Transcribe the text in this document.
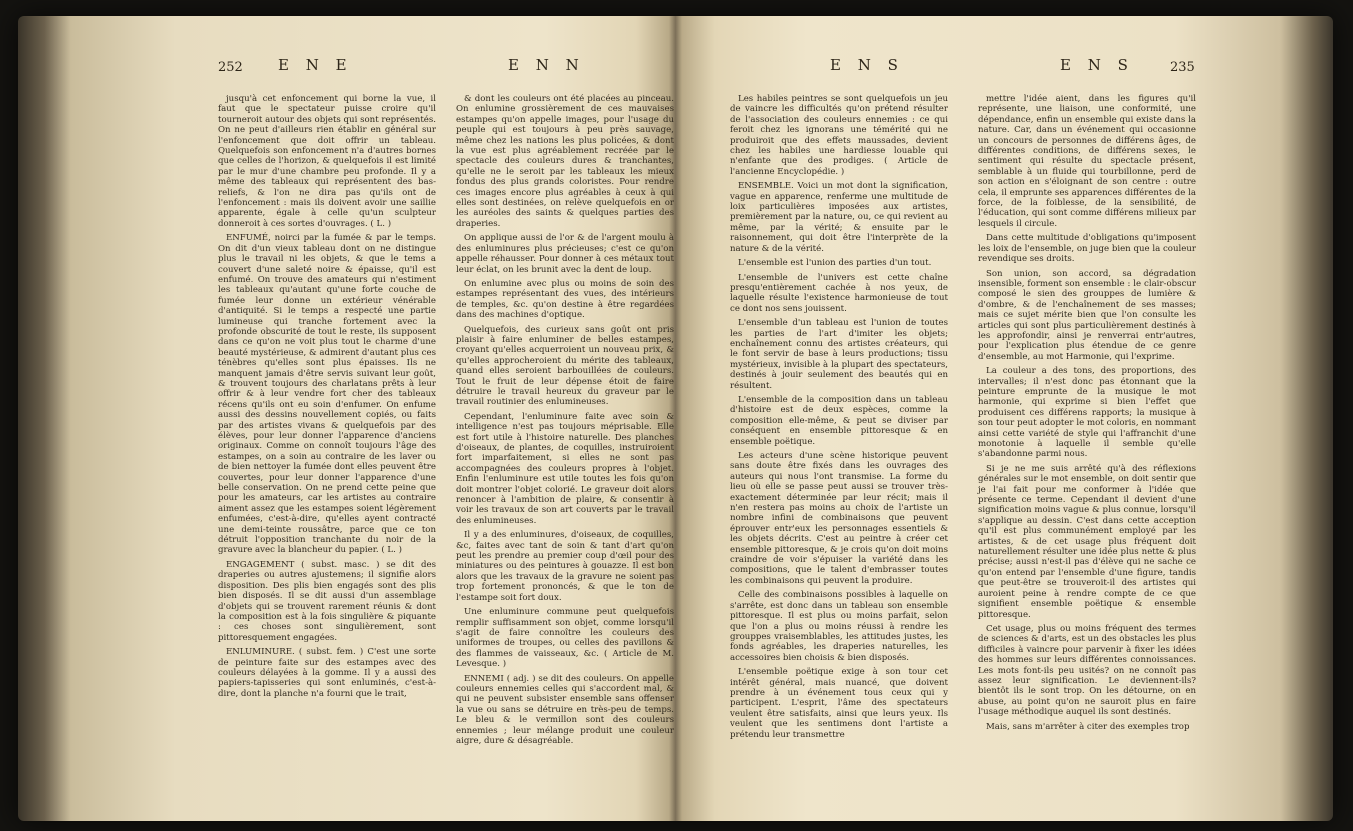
252 E N E	E N N

jusqu'à cet enfoncement qui borne la vue, il faut que le spectateur puisse croire qu'il tourneroit autour des objets qui sont représentés. On ne peut d'ailleurs rien établir en général sur l'enfoncement que doit offrir un tableau. Quelquefois son enfoncement n'a d'autres bornes que celles de l'horizon, & quelquefois il est limité par le mur d'une chambre peu profonde. Il y a même des tableaux qui représentent des bas-reliefs, & l'on ne dira pas qu'ils ont de l'enfoncement : mais ils doivent avoir une saillie apparente, égale à celle qu'un sculpteur donneroit à ces sortes d'ouvrages. ( L. )

ENFUMÉ, noirci par la fumée & par le temps. On dit d'un vieux tableau dont on ne distingue plus le travail ni les objets, & que le tems a couvert d'une saleté noire & épaisse, qu'il est enfumé. On trouve des amateurs qui n'estiment les tableaux qu'autant qu'une forte couche de fumée leur donne un extérieur vénérable d'antiquité. Si le temps a respecté une partie lumineuse qui tranche fortement avec la profonde obscurité de tout le reste, ils supposent dans ce qu'on ne voit plus tout le charme d'une beauté mystérieuse, & admirent d'autant plus ces ténèbres qu'elles sont plus épaisses. Ils ne manquent jamais d'être servis suivant leur goût, & trouvent toujours des charlatans prêts à leur offrir & à leur vendre fort cher des tableaux récens qu'ils ont eu soin d'enfumer. On enfume aussi des dessins nouvellement copiés, ou faits par des artistes vivans & quelquefois par des élèves, pour leur donner l'apparence d'anciens originaux. Comme on connoît toujours l'âge des estampes, on a soin au contraire de les laver ou de bien nettoyer la fumée dont elles peuvent être couvertes, pour leur donner l'apparence d'une belle conservation. On ne prend cette peine que pour les amateurs, car les artistes au contraire aiment assez que les estampes soient légèrement enfumées, c'est-à-dire, qu'elles ayent contracté une demi-teinte roussâtre, parce que ce ton détruit l'opposition tranchante du noir de la gravure avec la blancheur du papier. ( L. )

ENGAGEMENT ( subst. masc. ) se dit des draperies ou autres ajustemens; il signifie alors disposition. Des plis bien engagés sont des plis bien disposés. Il se dit aussi d'un assemblage d'objets qui se trouvent rarement réunis & dont la composition est à la fois singulière & piquante : ces choses sont singulièrement, sont pittoresquement engagées.

ENLUMINURE. ( subst. fem. ) C'est une sorte de peinture faite sur des estampes avec des couleurs délayées à la gomme. Il y a aussi des papiers-tapisseries qui sont enluminés, c'est-à-dire, dont la planche n'a fourni que le trait,

& dont les couleurs ont été placées au pinceau. On enlumine grossièrement de ces mauvaises estampes qu'on appelle images, pour l'usage du peuple qui est toujours à peu près sauvage, même chez les nations les plus policées, & dont la vue est plus agréablement recréée par le spectacle des couleurs dures & tranchantes, qu'elle ne le seroit par les tableaux les mieux fondus des plus grands coloristes. Pour rendre ces images encore plus agréables à ceux à qui elles sont destinées, on relève quelquefois en or les auréoles des saints & quelques parties des draperies.

On applique aussi de l'or & de l'argent moulu à des enluminures plus précieuses; c'est ce qu'on appelle réhausser. Pour donner à ces métaux tout leur éclat, on les brunit avec la dent de loup.

On enlumine avec plus ou moins de soin des estampes représentant des vues, des intérieurs de temples, &c. qu'on destine à être regardées dans des machines d'optique.

Quelquefois, des curieux sans goût ont pris plaisir à faire enluminer de belles estampes, croyant qu'elles acquerroient un nouveau prix, & qu'elles approcheroient du mérite des tableaux, quand elles seroient barbouillées de couleurs. Tout le fruit de leur dépense étoit de faire détruire le travail heureux du graveur par le travail routinier des enlumineuses.

Cependant, l'enluminure faite avec soin & intelligence n'est pas toujours méprisable. Elle est fort utile à l'histoire naturelle. Des planches d'oiseaux, de plantes, de coquilles, instruiroient fort imparfaitement, si elles ne sont pas accompagnées des couleurs propres à l'objet. Enfin l'enluminure est utile toutes les fois qu'on doit montrer l'objet colorié. Le graveur doit alors renoncer à l'ambition de plaire, & consentir à voir les travaux de son art couverts par le travail des enlumineuses.

Il y a des enluminures, d'oiseaux, de coquilles, &c, faites avec tant de soin & tant d'art qu'on peut les prendre au premier coup d'œil pour des miniatures ou des peintures à gouazze. Il est bon alors que les travaux de la gravure ne soient pas trop fortement prononcés, & que le ton de l'estampe soit fort doux.

Une enluminure commune peut quelquefois remplir suffisamment son objet, comme lorsqu'il s'agit de faire connoître les couleurs des uniformes de troupes, ou celles des pavillons & des flammes de vaisseaux, &c. ( Article de M. Levesque. )

ENNEMI ( adj. ) se dit des couleurs. On appelle couleurs ennemies celles qui s'accordent mal, & qui ne peuvent subsister ensemble sans offenser la vue ou sans se détruire en très-peu de temps. Le bleu & le vermillon sont des couleurs ennemies ; leur mélange produit une couleur aigre, dure & désagréable.

E N S	E N S	235

Les habiles peintres se sont quelquefois un jeu de vaincre les difficultés qu'on prétend résulter de l'association des couleurs ennemies : ce qui feroit chez les ignorans une témérité qui ne produiroit que des effets maussades, devient chez les habiles une hardiesse louable qui n'enfante que des prodiges. ( Article de l'ancienne Encyclopédie. )

ENSEMBLE. Voici un mot dont la signification, vague en apparence, renferme une multitude de loix particulières imposées aux artistes, premièrement par la nature, ou, ce qui revient au même, par la vérité; & ensuite par le raisonnement, qui doit être l'interprète de la nature & de la vérité.

L'ensemble est l'union des parties d'un tout.

L'ensemble de l'univers est cette chaîne presqu'entièrement cachée à nos yeux, de laquelle résulte l'existence harmonieuse de tout ce dont nos sens jouissent.

L'ensemble d'un tableau est l'union de toutes les parties de l'art d'imiter les objets; enchaînement connu des artistes créateurs, qui le font servir de base à leurs productions; tissu mystérieux, invisible à la plupart des spectateurs, destinés à jouir seulement des beautés qui en résultent.

L'ensemble de la composition dans un tableau d'histoire est de deux espèces, comme la composition elle-même, & peut se diviser par conséquent en ensemble pittoresque & en ensemble poëtique.

Les acteurs d'une scène historique peuvent sans doute être fixés dans les ouvrages des auteurs qui nous l'ont transmise. La forme du lieu où elle se passe peut aussi se trouver très-exactement déterminée par leur récit; mais il n'en restera pas moins au choix de l'artiste un nombre infini de combinaisons que peuvent éprouver entr'eux les personnages essentiels & les objets décrits. C'est au peintre à créer cet ensemble pittoresque, & je crois qu'on doit moins craindre de voir s'épuiser la variété dans les compositions, que le talent d'embrasser toutes les combinaisons qui peuvent la produire.

Celle des combinaisons possibles à laquelle on s'arrête, est donc dans un tableau son ensemble pittoresque. Il est plus ou moins parfait, selon que l'on a plus ou moins réussi à rendre les grouppes vraisemblables, les attitudes justes, les fonds agréables, les draperies naturelles, les accessoires bien choisis & bien disposés.

L'ensemble poëtique exige à son tour cet intérêt général, mais nuancé, que doivent prendre à un événement tous ceux qui y participent. L'esprit, l'âme des spectateurs veulent être satisfaits, ainsi que leurs yeux. Ils veulent que les sentimens dont l'artiste a prétendu leur transmettre

mettre l'idée aient, dans les figures qu'il représente, une liaison, une conformité, une dépendance, enfin un ensemble qui existe dans la nature. Car, dans un événement qui occasionne un concours de personnes de différens âges, de différentes conditions, de différens sexes, le sentiment qui résulte du spectacle présent, semblable à un fluide qui tourbillonne, perd de son action en s'éloignant de son centre : outre cela, il emprunte ses apparences différentes de la force, de la foiblesse, de la sensibilité, de l'éducation, qui sont comme différens milieux par lesquels il circule.

Dans cette multitude d'obligations qu'imposent les loix de l'ensemble, on juge bien que la couleur revendique ses droits.

Son union, son accord, sa dégradation insensible, forment son ensemble : le clair-obscur composé le sien des grouppes de lumière & d'ombre, & de l'enchaînement de ses masses; mais ce sujet mérite bien que l'on consulte les articles qui sont plus particulièrement destinés à les approfondir, ainsi je renverrai entr'autres, pour l'explication plus étendue de ce genre d'ensemble, au mot Harmonie, qui l'exprime.

La couleur a des tons, des proportions, des intervalles; il n'est donc pas étonnant que la peinture emprunte de la musique le mot harmonie, qui exprime si bien l'effet que produisent ces différens rapports; la musique à son tour peut adopter le mot coloris, en nommant ainsi cette variété de style qui l'affranchit d'une monotonie à laquelle il semble qu'elle s'abandonne parmi nous.

Si je ne me suis arrêté qu'à des réflexions générales sur le mot ensemble, on doit sentir que je l'ai fait pour me conformer à l'idée que présente ce terme. Cependant il devient d'une signification moins vague & plus connue, lorsqu'il s'applique au dessin. C'est dans cette acception qu'il est plus communément employé par les artistes, & de cet usage plus fréquent doit naturellement résulter une idée plus nette & plus précise; aussi n'est-il pas d'élève qui ne sache ce qu'on entend par l'ensemble d'une figure, tandis que peut-être se trouveroit-il des artistes qui auroient peine à rendre compte de ce que signifient ensemble poëtique & ensemble pittoresque.

Cet usage, plus ou moins fréquent des termes de sciences & d'arts, est un des obstacles les plus difficiles à vaincre pour parvenir à fixer les idées des hommes sur leurs différentes connoissances. Les mots font-ils peu usités? on ne connoît pas assez leur signification. Le deviennent-ils? bientôt ils le sont trop. On les détourne, on en abuse, au point qu'on ne sauroit plus en faire l'usage méthodique auquel ils sont destinés.

Mais, sans m'arrêter à citer des exemples trop
